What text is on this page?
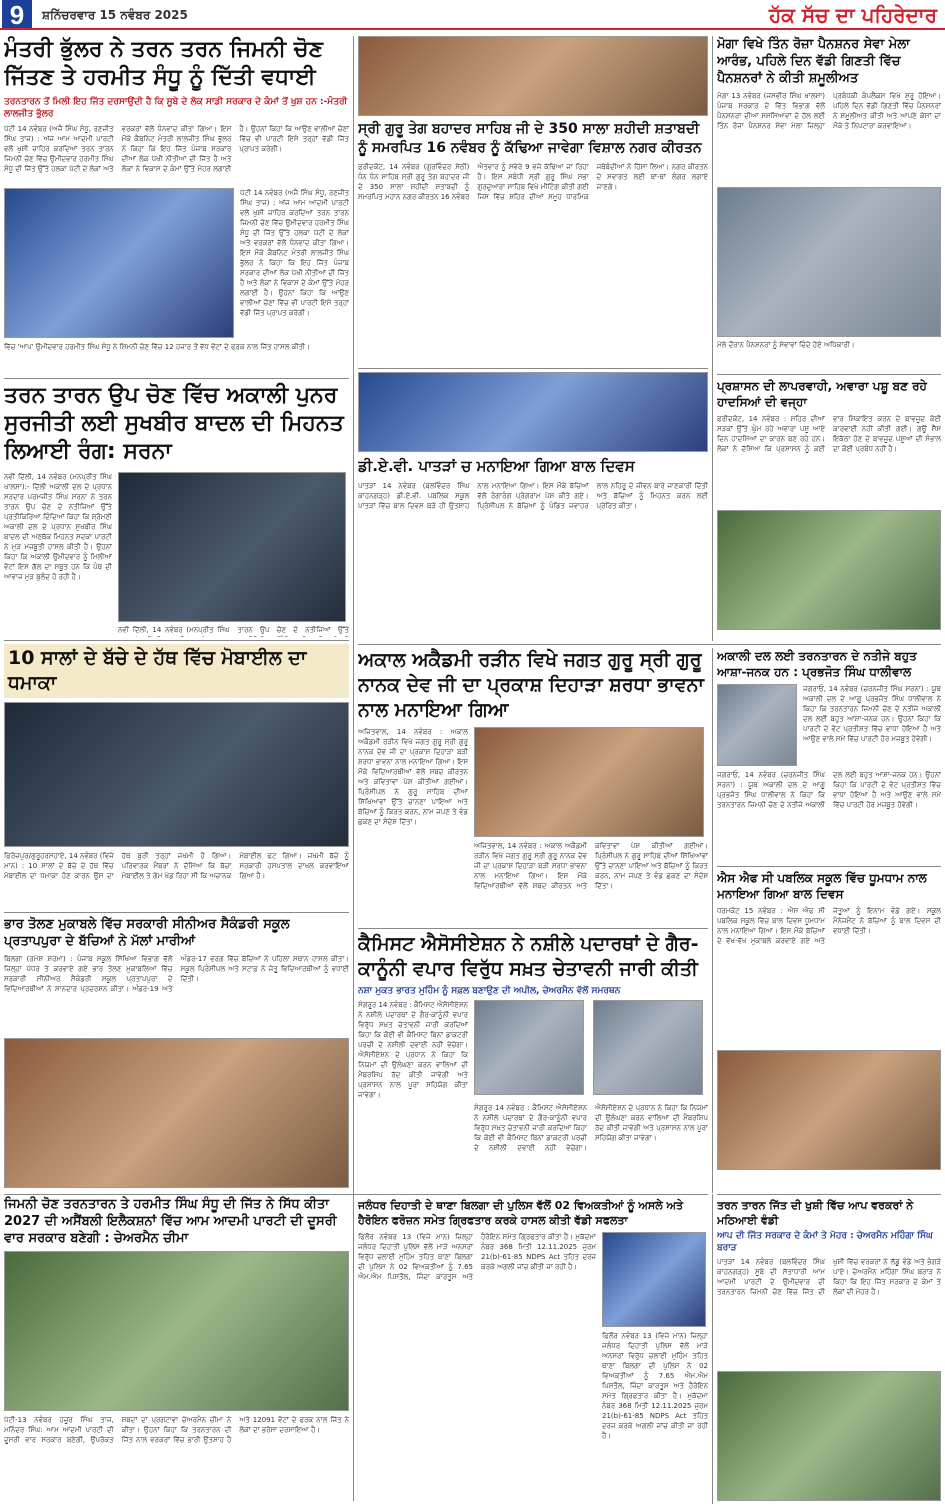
9	ਸ਼ਨਿੱਚਰਵਾਰ 15 ਨਵੰਬਰ 2025	ਹੱਕ ਸੱਚ ਦਾ ਪਹਿਰੇਦਾਰ
ਮੰਤਰੀ ਭੁੱਲਰ ਨੇ ਤਰਨ ਤਰਨ ਜਿਮਨੀ ਚੋਣ ਜਿੱਤਣ ਤੇ ਹਰਮੀਤ ਸੰਧੂ ਨੂੰ ਦਿੱਤੀ ਵਧਾਈ
ਤਰਨਤਾਰਨ ਤੋਂ ਮਿਲੀ ਇਹ ਜਿੱਤ ਦਰਸਾਉਂਦੀ ਹੈ ਕਿ ਸੂਬੇ ਦੇ ਲੋਕ ਸਾਡੀ ਸਰਕਾਰ ਦੇ ਕੰਮਾਂ ਤੋਂ ਖੁਸ਼ ਹਨ :-ਮੰਤਰੀ ਲਾਲਜੀਤ ਭੁੱਲਰ
ਪੱਟੀ 14 ਨਵੰਬਰ (ਅਜੈ ਸਿੰਘ ਸੰਧੂ, ਰਣਜੀਤ ਸਿੰਘ ਤਾਜ) : ਅੱਜ ਆਮ ਆਦਮੀ ਪਾਰਟੀ ਵਲੋਂ ਖੁਸ਼ੀ ਜ਼ਾਹਿਰ ਕਰਦਿਆਂ ਤਰਨ ਤਾਰਨ ਜਿਮਨੀ ਚੋਣ ਵਿੱਚ ਉਮੀਦਵਾਰ ਹਰਮੀਤ ਸਿੰਘ ਸੰਧੂ ਦੀ ਜਿੱਤ ਉੱਤੇ ਹਲਕਾ ਪੱਟੀ ਦੇ ਲੋਕਾਂ ਅਤੇ ਵਰਕਰਾਂ ਵੱਲੋਂ ਧੰਨਵਾਦ ਕੀਤਾ ਗਿਆ। ਇਸ ਮੌਕੇ ਕੈਬਨਿਟ ਮੰਤਰੀ ਲਾਲਜੀਤ ਸਿੰਘ ਭੁੱਲਰ ਨੇ ਕਿਹਾ ਕਿ ਇਹ ਜਿੱਤ ਪੰਜਾਬ ਸਰਕਾਰ ਦੀਆਂ ਲੋਕ ਪੱਖੀ ਨੀਤੀਆਂ ਦੀ ਜਿੱਤ ਹੈ ਅਤੇ ਲੋਕਾਂ ਨੇ ਵਿਕਾਸ ਦੇ ਕੰਮਾਂ ਉੱਤੇ ਮੋਹਰ ਲਗਾਈ ਹੈ। ਉਹਨਾਂ ਕਿਹਾ ਕਿ ਆਉਣ ਵਾਲੀਆਂ ਚੋਣਾਂ ਵਿੱਚ ਵੀ ਪਾਰਟੀ ਇਸੇ ਤਰ੍ਹਾਂ ਵੱਡੀ ਜਿੱਤ ਪ੍ਰਾਪਤ ਕਰੇਗੀ।
ਪੱਟੀ 14 ਨਵੰਬਰ (ਅਜੈ ਸਿੰਘ ਸੰਧੂ, ਰਣਜੀਤ ਸਿੰਘ ਤਾਜ) : ਅੱਜ ਆਮ ਆਦਮੀ ਪਾਰਟੀ ਵਲੋਂ ਖੁਸ਼ੀ ਜ਼ਾਹਿਰ ਕਰਦਿਆਂ ਤਰਨ ਤਾਰਨ ਜਿਮਨੀ ਚੋਣ ਵਿੱਚ ਉਮੀਦਵਾਰ ਹਰਮੀਤ ਸਿੰਘ ਸੰਧੂ ਦੀ ਜਿੱਤ ਉੱਤੇ ਹਲਕਾ ਪੱਟੀ ਦੇ ਲੋਕਾਂ ਅਤੇ ਵਰਕਰਾਂ ਵੱਲੋਂ ਧੰਨਵਾਦ ਕੀਤਾ ਗਿਆ। ਇਸ ਮੌਕੇ ਕੈਬਨਿਟ ਮੰਤਰੀ ਲਾਲਜੀਤ ਸਿੰਘ ਭੁੱਲਰ ਨੇ ਕਿਹਾ ਕਿ ਇਹ ਜਿੱਤ ਪੰਜਾਬ ਸਰਕਾਰ ਦੀਆਂ ਲੋਕ ਪੱਖੀ ਨੀਤੀਆਂ ਦੀ ਜਿੱਤ ਹੈ ਅਤੇ ਲੋਕਾਂ ਨੇ ਵਿਕਾਸ ਦੇ ਕੰਮਾਂ ਉੱਤੇ ਮੋਹਰ ਲਗਾਈ ਹੈ। ਉਹਨਾਂ ਕਿਹਾ ਕਿ ਆਉਣ ਵਾਲੀਆਂ ਚੋਣਾਂ ਵਿੱਚ ਵੀ ਪਾਰਟੀ ਇਸੇ ਤਰ੍ਹਾਂ ਵੱਡੀ ਜਿੱਤ ਪ੍ਰਾਪਤ ਕਰੇਗੀ।
ਵਿੱਚ 'ਆਪ' ਉਮੀਦਵਾਰ ਹਰਮੀਤ ਸਿੰਘ ਸੰਧੂ ਨੇ ਸ਼ਿਮਨੀ ਚੋਣ ਵਿੱਚ 12 ਹਜ਼ਾਰ ਤੋਂ ਵੱਧ ਵੋਟਾਂ ਦੇ ਫਰਕ ਨਾਲ ਜਿੱਤ ਹਾਸਲ ਕੀਤੀ।
ਤਰਨ ਤਾਰਨ ਉਪ ਚੋਣ ਵਿੱਚ ਅਕਾਲੀ ਪੁਨਰ ਸੁਰਜੀਤੀ ਲਈ ਸੁਖਬੀਰ ਬਾਦਲ ਦੀ ਮਿਹਨਤ ਲਿਆਈ ਰੰਗ: ਸਰਨਾ
ਨਵੀਂ ਦਿੱਲੀ, 14 ਨਵੰਬਰ (ਮਨਪ੍ਰੀਤ ਸਿੰਘ ਖਾਲਸਾ):- ਦਿੱਲੀ ਅਕਾਲੀ ਦਲ ਦੇ ਪ੍ਰਧਾਨ ਸਰਦਾਰ ਪਰਮਜੀਤ ਸਿੰਘ ਸਰਨਾ ਨੇ ਤਰਨ ਤਾਰਨ ਉਪ ਚੋਣ ਦੇ ਨਤੀਜਿਆਂ ਉੱਤੇ ਪ੍ਰਤੀਕਿਰਿਆ ਦਿੰਦਿਆਂ ਕਿਹਾ ਕਿ ਸ਼੍ਰੋਮਣੀ ਅਕਾਲੀ ਦਲ ਦੇ ਪ੍ਰਧਾਨ ਸੁਖਬੀਰ ਸਿੰਘ ਬਾਦਲ ਦੀ ਅਣਥੱਕ ਮਿਹਨਤ ਸਦਕਾ ਪਾਰਟੀ ਨੇ ਮੁੜ ਮਜ਼ਬੂਤੀ ਹਾਸਲ ਕੀਤੀ ਹੈ। ਉਹਨਾਂ ਕਿਹਾ ਕਿ ਅਕਾਲੀ ਉਮੀਦਵਾਰ ਨੂੰ ਮਿਲੀਆਂ ਵੋਟਾਂ ਇਸ ਗੱਲ ਦਾ ਸਬੂਤ ਹਨ ਕਿ ਪੰਥ ਦੀ ਆਵਾਜ਼ ਮੁੜ ਬੁਲੰਦ ਹੋ ਰਹੀ ਹੈ।
ਨਵੀਂ ਦਿੱਲੀ, 14 ਨਵੰਬਰ (ਮਨਪ੍ਰੀਤ ਸਿੰਘ ਤਾਰਨ ਉਪ ਚੋਣ ਦੇ ਨਤੀਜਿਆਂ ਉੱਤੇ
10 ਸਾਲਾਂ ਦੇ ਬੱਚੇ ਦੇ ਹੱਥ ਵਿੱਚ ਮੋਬਾਈਲ ਦਾ ਧਮਾਕਾ
ਫਿਰੋਜ਼ਪੁਰ/ਗੁਰੂਹਰਸਹਾਏ, 14 ਨਵੰਬਰ (ਵਿਜੇ ਮਾਨ) : 10 ਸਾਲਾਂ ਦੇ ਬੱਚੇ ਦੇ ਹੱਥ ਵਿੱਚ ਮੋਬਾਈਲ ਦਾ ਧਮਾਕਾ ਹੋਣ ਕਾਰਨ ਉਸ ਦਾ ਹੱਥ ਬੁਰੀ ਤਰ੍ਹਾਂ ਜ਼ਖਮੀ ਹੋ ਗਿਆ। ਪਰਿਵਾਰਕ ਮੈਂਬਰਾਂ ਨੇ ਦੱਸਿਆ ਕਿ ਬੱਚਾ ਮੋਬਾਈਲ ਤੇ ਗੇਮ ਖੇਡ ਰਿਹਾ ਸੀ ਕਿ ਅਚਾਨਕ ਮੋਬਾਈਲ ਫਟ ਗਿਆ। ਜ਼ਖਮੀ ਬੱਚੇ ਨੂੰ ਸਰਕਾਰੀ ਹਸਪਤਾਲ ਦਾਖਲ ਕਰਵਾਇਆ ਗਿਆ ਹੈ।
ਭਾਰ ਤੋਲਣ ਮੁਕਾਬਲੇ ਵਿੱਚ ਸਰਕਾਰੀ ਸੀਨੀਅਰ ਸੈਕੰਡਰੀ ਸਕੂਲ ਪ੍ਰਤਾਪਪੁਰਾ ਦੇ ਬੱਚਿਆਂ ਨੇ ਮੱਲਾਂ ਮਾਰੀਆਂ
ਬਿਲਗਾ (ਰਮੇਸ਼ ਸ਼ਰਮਾ) : ਪੰਜਾਬ ਸਕੂਲ ਸਿੱਖਿਆ ਵਿਭਾਗ ਵੱਲੋਂ ਜ਼ਿਲ੍ਹਾ ਪੱਧਰ ਤੇ ਕਰਵਾਏ ਗਏ ਭਾਰ ਤੋਲਣ ਮੁਕਾਬਲਿਆਂ ਵਿੱਚ ਸਰਕਾਰੀ ਸੀਨੀਅਰ ਸੈਕੰਡਰੀ ਸਕੂਲ ਪ੍ਰਤਾਪਪੁਰਾ ਦੇ ਵਿਦਿਆਰਥੀਆਂ ਨੇ ਸ਼ਾਨਦਾਰ ਪ੍ਰਦਰਸ਼ਨ ਕੀਤਾ। ਅੰਡਰ-19 ਅਤੇ ਅੰਡਰ-17 ਵਰਗ ਵਿੱਚ ਬੱਚਿਆਂ ਨੇ ਪਹਿਲਾ ਸਥਾਨ ਹਾਸਲ ਕੀਤਾ। ਸਕੂਲ ਪ੍ਰਿੰਸੀਪਲ ਅਤੇ ਸਟਾਫ਼ ਨੇ ਜੇਤੂ ਵਿਦਿਆਰਥੀਆਂ ਨੂੰ ਵਧਾਈ ਦਿੱਤੀ।
ਜਿਮਨੀ ਚੋਣ ਤਰਨਤਾਰਨ ਤੇ ਹਰਮੀਤ ਸਿੰਘ ਸੰਧੂ ਦੀ ਜਿੱਤ ਨੇ ਸਿੱਧ ਕੀਤਾ 2027 ਦੀ ਅਸੈਂਬਲੀ ਇਲੈਕਸ਼ਨਾਂ ਵਿੱਚ ਆਮ ਆਦਮੀ ਪਾਰਟੀ ਦੀ ਦੂਸਰੀ ਵਾਰ ਸਰਕਾਰ ਬਣੇਗੀ : ਚੇਅਰਮੈਨ ਚੀਮਾ
ਪੱਟੀ-13 ਨਵੰਬਰ ਹਜ਼ੂਰ ਸਿੰਘ ਤਾਜ, ਮਨਿੰਦਰ ਸਿੰਘ: ਆਮ ਆਦਮੀ ਪਾਰਟੀ ਦੀ ਦੂਸਰੀ ਵਾਰ ਸਰਕਾਰ ਬਣੇਗੀ, ਉਪਰੋਕਤ ਸ਼ਬਦਾਂ ਦਾ ਪ੍ਰਗਟਾਵਾ ਚੇਅਰਮੈਨ ਚੀਮਾ ਨੇ ਕੀਤਾ। ਉਹਨਾਂ ਕਿਹਾ ਕਿ ਤਰਨਤਾਰਨ ਦੀ ਜਿੱਤ ਨਾਲ ਵਰਕਰਾਂ ਵਿੱਚ ਭਾਰੀ ਉਤਸ਼ਾਹ ਹੈ ਅਤੇ 12091 ਵੋਟਾਂ ਦੇ ਫਰਕ ਨਾਲ ਜਿੱਤ ਨੇ ਲੋਕਾਂ ਦਾ ਭਰੋਸਾ ਦਰਸਾਇਆ ਹੈ।
ਸ੍ਰੀ ਗੁਰੂ ਤੇਗ ਬਹਾਦਰ ਸਾਹਿਬ ਜੀ ਦੇ 350 ਸਾਲਾ ਸ਼ਹੀਦੀ ਸ਼ਤਾਬਦੀ ਨੂੰ ਸਮਰਪਿਤ 16 ਨਵੰਬਰ ਨੂੰ ਕੱਢਿਆ ਜਾਵੇਗਾ ਵਿਸ਼ਾਲ ਨਗਰ ਕੀਰਤਨ
ਫ਼ਰੀਦਕੋਟ, 14 ਨਵੰਬਰ (ਗੁਰਵਿੰਦਰ ਸੇਠੀ) ਧੰਨ ਧੰਨ ਸਾਹਿਬ ਸ੍ਰੀ ਗੁਰੂ ਤੇਗ ਬਹਾਦਰ ਜੀ ਦੇ 350 ਸਾਲਾ ਸ਼ਹੀਦੀ ਸ਼ਤਾਬਦੀ ਨੂੰ ਸਮਰਪਿਤ ਮਹਾਨ ਨਗਰ ਕੀਰਤਨ 16 ਨਵੰਬਰ ਐਤਵਾਰ ਨੂੰ ਸਵੇਰੇ 9 ਵਜੇ ਕੱਢਿਆ ਜਾ ਰਿਹਾ ਹੈ। ਇਸ ਸਬੰਧੀ ਸ੍ਰੀ ਗੁਰੂ ਸਿੰਘ ਸਭਾ ਗੁਰਦੁਆਰਾ ਸਾਹਿਬ ਵਿਖੇ ਮੀਟਿੰਗ ਕੀਤੀ ਗਈ ਜਿਸ ਵਿੱਚ ਸ਼ਹਿਰ ਦੀਆਂ ਸਮੂਹ ਧਾਰਮਿਕ ਜਥੇਬੰਦੀਆਂ ਨੇ ਹਿੱਸਾ ਲਿਆ। ਨਗਰ ਕੀਰਤਨ ਦੇ ਸਵਾਗਤ ਲਈ ਥਾਂ-ਥਾਂ ਲੰਗਰ ਲਗਾਏ ਜਾਣਗੇ।
ਡੀ.ਏ.ਵੀ. ਪਾਤੜਾਂ ਚ ਮਨਾਇਆ ਗਿਆ ਬਾਲ ਦਿਵਸ
ਪਾਤੜਾਂ 14 ਨਵੰਬਰ (ਬਲਵਿੰਦਰ ਸਿੰਘ ਕਾਹਨਗੜ੍ਹ) ਡੀ.ਏ.ਵੀ. ਪਬਲਿਕ ਸਕੂਲ ਪਾਤੜਾਂ ਵਿੱਚ ਬਾਲ ਦਿਵਸ ਬੜੇ ਹੀ ਉਤਸ਼ਾਹ ਨਾਲ ਮਨਾਇਆ ਗਿਆ। ਇਸ ਮੌਕੇ ਬੱਚਿਆਂ ਵੱਲੋਂ ਰੰਗਾਰੰਗ ਪ੍ਰੋਗਰਾਮ ਪੇਸ਼ ਕੀਤੇ ਗਏ। ਪ੍ਰਿੰਸੀਪਲ ਨੇ ਬੱਚਿਆਂ ਨੂੰ ਪੰਡਿਤ ਜਵਾਹਰ ਲਾਲ ਨਹਿਰੂ ਦੇ ਜੀਵਨ ਬਾਰੇ ਜਾਣਕਾਰੀ ਦਿੱਤੀ ਅਤੇ ਬੱਚਿਆਂ ਨੂੰ ਮਿਹਨਤ ਕਰਨ ਲਈ ਪ੍ਰੇਰਿਤ ਕੀਤਾ।
ਮੋਗਾ ਵਿਖੇ ਤਿੰਨ ਰੋਜ਼ਾ ਪੈਨਸ਼ਨਰ ਸੇਵਾ ਮੇਲਾ ਆਰੰਭ, ਪਹਿਲੇ ਦਿਨ ਵੱਡੀ ਗਿਣਤੀ ਵਿੱਚ ਪੈਨਸ਼ਨਰਾਂ ਨੇ ਕੀਤੀ ਸ਼ਮੂਲੀਅਤ
ਮੋਗਾ 13 ਨਵੰਬਰ (ਜਸਵੀਰ ਸਿੰਘ ਖਾਲਸਾ) ਪੰਜਾਬ ਸਰਕਾਰ ਦੇ ਵਿੱਤ ਵਿਭਾਗ ਵੱਲੋਂ ਪੈਨਸ਼ਨਰਾਂ ਦੀਆਂ ਸਮੱਸਿਆਵਾਂ ਦੇ ਹੱਲ ਲਈ ਤਿੰਨ ਰੋਜ਼ਾ ਪੈਨਸ਼ਨਰ ਸੇਵਾ ਮੇਲਾ ਜ਼ਿਲ੍ਹਾ ਪ੍ਰਬੰਧਕੀ ਕੰਪਲੈਕਸ ਵਿਖੇ ਸ਼ੁਰੂ ਹੋਇਆ। ਪਹਿਲੇ ਦਿਨ ਵੱਡੀ ਗਿਣਤੀ ਵਿੱਚ ਪੈਨਸ਼ਨਰਾਂ ਨੇ ਸ਼ਮੂਲੀਅਤ ਕੀਤੀ ਅਤੇ ਆਪਣੇ ਕੇਸਾਂ ਦਾ ਮੌਕੇ ਤੇ ਨਿਪਟਾਰਾ ਕਰਵਾਇਆ।
ਮੇਲੇ ਦੌਰਾਨ ਪੈਨਸ਼ਨਰਾਂ ਨੂੰ ਸੇਵਾਵਾਂ ਦਿੰਦੇ ਹੋਏ ਅਧਿਕਾਰੀ।
ਪ੍ਰਸ਼ਾਸਨ ਦੀ ਲਾਪਰਵਾਹੀ, ਅਵਾਰਾ ਪਸ਼ੂ ਬਣ ਰਹੇ ਹਾਦਸਿਆਂ ਦੀ ਵਜ੍ਹਾ
ਫਰੀਦਕੋਟ, 14 ਨਵੰਬਰ : ਸ਼ਹਿਰ ਦੀਆਂ ਸੜਕਾਂ ਉੱਤੇ ਘੁੰਮ ਰਹੇ ਅਵਾਰਾ ਪਸ਼ੂ ਆਏ ਦਿਨ ਹਾਦਸਿਆਂ ਦਾ ਕਾਰਨ ਬਣ ਰਹੇ ਹਨ। ਲੋਕਾਂ ਨੇ ਦੱਸਿਆ ਕਿ ਪ੍ਰਸ਼ਾਸਨ ਨੂੰ ਕਈ ਵਾਰ ਸ਼ਿਕਾਇਤ ਕਰਨ ਦੇ ਬਾਵਜੂਦ ਕੋਈ ਕਾਰਵਾਈ ਨਹੀਂ ਕੀਤੀ ਗਈ। ਗਊ ਸੈੱਸ ਇਕੱਠਾ ਹੋਣ ਦੇ ਬਾਵਜੂਦ ਪਸ਼ੂਆਂ ਦੀ ਸੰਭਾਲ ਦਾ ਕੋਈ ਪ੍ਰਬੰਧ ਨਹੀਂ ਹੈ।
ਅਕਾਲ ਅਕੈਡਮੀ ਰੜੀਨ ਵਿਖੇ ਜਗਤ ਗੁਰੂ ਸ੍ਰੀ ਗੁਰੂ ਨਾਨਕ ਦੇਵ ਜੀ ਦਾ ਪ੍ਰਕਾਸ਼ ਦਿਹਾੜਾ ਸ਼ਰਧਾ ਭਾਵਨਾ ਨਾਲ ਮਨਾਇਆ ਗਿਆ
ਅਜਿਤਵਾਲ, 14 ਨਵੰਬਰ : ਅਕਾਲ ਅਕੈਡਮੀ ਰੜੀਨ ਵਿਖੇ ਜਗਤ ਗੁਰੂ ਸ੍ਰੀ ਗੁਰੂ ਨਾਨਕ ਦੇਵ ਜੀ ਦਾ ਪ੍ਰਕਾਸ਼ ਦਿਹਾੜਾ ਬੜੀ ਸ਼ਰਧਾ ਭਾਵਨਾ ਨਾਲ ਮਨਾਇਆ ਗਿਆ। ਇਸ ਮੌਕੇ ਵਿਦਿਆਰਥੀਆਂ ਵੱਲੋਂ ਸ਼ਬਦ ਕੀਰਤਨ ਅਤੇ ਕਵਿਤਾਵਾਂ ਪੇਸ਼ ਕੀਤੀਆਂ ਗਈਆਂ। ਪ੍ਰਿੰਸੀਪਲ ਨੇ ਗੁਰੂ ਸਾਹਿਬ ਦੀਆਂ ਸਿੱਖਿਆਵਾਂ ਉੱਤੇ ਚਾਨਣਾ ਪਾਇਆ ਅਤੇ ਬੱਚਿਆਂ ਨੂੰ ਕਿਰਤ ਕਰਨ, ਨਾਮ ਜਪਣ ਤੇ ਵੰਡ ਛਕਣ ਦਾ ਸੰਦੇਸ਼ ਦਿੱਤਾ।
ਅਜਿਤਵਾਲ, 14 ਨਵੰਬਰ : ਅਕਾਲ ਅਕੈਡਮੀ ਰੜੀਨ ਵਿਖੇ ਜਗਤ ਗੁਰੂ ਸ੍ਰੀ ਗੁਰੂ ਨਾਨਕ ਦੇਵ ਜੀ ਦਾ ਪ੍ਰਕਾਸ਼ ਦਿਹਾੜਾ ਬੜੀ ਸ਼ਰਧਾ ਭਾਵਨਾ ਨਾਲ ਮਨਾਇਆ ਗਿਆ। ਇਸ ਮੌਕੇ ਵਿਦਿਆਰਥੀਆਂ ਵੱਲੋਂ ਸ਼ਬਦ ਕੀਰਤਨ ਅਤੇ ਕਵਿਤਾਵਾਂ ਪੇਸ਼ ਕੀਤੀਆਂ ਗਈਆਂ। ਪ੍ਰਿੰਸੀਪਲ ਨੇ ਗੁਰੂ ਸਾਹਿਬ ਦੀਆਂ ਸਿੱਖਿਆਵਾਂ ਉੱਤੇ ਚਾਨਣਾ ਪਾਇਆ ਅਤੇ ਬੱਚਿਆਂ ਨੂੰ ਕਿਰਤ ਕਰਨ, ਨਾਮ ਜਪਣ ਤੇ ਵੰਡ ਛਕਣ ਦਾ ਸੰਦੇਸ਼ ਦਿੱਤਾ।
ਕੈਮਿਸਟ ਐਸੋਸੀਏਸ਼ਨ ਨੇ ਨਸ਼ੀਲੇ ਪਦਾਰਥਾਂ ਦੇ ਗੈਰ-ਕਾਨੂੰਨੀ ਵਪਾਰ ਵਿਰੁੱਧ ਸਖ਼ਤ ਚੇਤਾਵਨੀ ਜਾਰੀ ਕੀਤੀ
ਨਸ਼ਾ ਮੁਕਤ ਭਾਰਤ ਮੁਹਿੰਮ ਨੂੰ ਸਫ਼ਲ ਬਣਾਉਣ ਦੀ ਅਪੀਲ, ਚੇਅਰਮੈਨ ਵੱਲੋਂ ਸਮਰਥਨ
ਸੰਗਰੂਰ 14 ਨਵੰਬਰ : ਕੈਮਿਸਟ ਐਸੋਸੀਏਸ਼ਨ ਨੇ ਨਸ਼ੀਲੇ ਪਦਾਰਥਾਂ ਦੇ ਗੈਰ-ਕਾਨੂੰਨੀ ਵਪਾਰ ਵਿਰੁੱਧ ਸਖ਼ਤ ਚੇਤਾਵਨੀ ਜਾਰੀ ਕਰਦਿਆਂ ਕਿਹਾ ਕਿ ਕੋਈ ਵੀ ਕੈਮਿਸਟ ਬਿਨਾਂ ਡਾਕਟਰੀ ਪਰਚੀ ਦੇ ਨਸ਼ੀਲੀ ਦਵਾਈ ਨਹੀਂ ਵੇਚੇਗਾ। ਐਸੋਸੀਏਸ਼ਨ ਦੇ ਪ੍ਰਧਾਨ ਨੇ ਕਿਹਾ ਕਿ ਨਿਯਮਾਂ ਦੀ ਉਲੰਘਣਾ ਕਰਨ ਵਾਲਿਆਂ ਦੀ ਮੈਂਬਰਸ਼ਿਪ ਰੱਦ ਕੀਤੀ ਜਾਵੇਗੀ ਅਤੇ ਪ੍ਰਸ਼ਾਸਨ ਨਾਲ ਪੂਰਾ ਸਹਿਯੋਗ ਕੀਤਾ ਜਾਵੇਗਾ।

ਸੰਗਰੂਰ 14 ਨਵੰਬਰ : ਕੈਮਿਸਟ ਐਸੋਸੀਏਸ਼ਨ ਨੇ ਨਸ਼ੀਲੇ ਪਦਾਰਥਾਂ ਦੇ ਗੈਰ-ਕਾਨੂੰਨੀ ਵਪਾਰ ਵਿਰੁੱਧ ਸਖ਼ਤ ਚੇਤਾਵਨੀ ਜਾਰੀ ਕਰਦਿਆਂ ਕਿਹਾ ਕਿ ਕੋਈ ਵੀ ਕੈਮਿਸਟ ਬਿਨਾਂ ਡਾਕਟਰੀ ਪਰਚੀ ਦੇ ਨਸ਼ੀਲੀ ਦਵਾਈ ਨਹੀਂ ਵੇਚੇਗਾ। ਐਸੋਸੀਏਸ਼ਨ ਦੇ ਪ੍ਰਧਾਨ ਨੇ ਕਿਹਾ ਕਿ ਨਿਯਮਾਂ ਦੀ ਉਲੰਘਣਾ ਕਰਨ ਵਾਲਿਆਂ ਦੀ ਮੈਂਬਰਸ਼ਿਪ ਰੱਦ ਕੀਤੀ ਜਾਵੇਗੀ ਅਤੇ ਪ੍ਰਸ਼ਾਸਨ ਨਾਲ ਪੂਰਾ ਸਹਿਯੋਗ ਕੀਤਾ ਜਾਵੇਗਾ।
ਜਲੰਧਰ ਦਿਹਾਤੀ ਦੇ ਥਾਣਾ ਬਿਲਗਾ ਦੀ ਪੁਲਿਸ ਵੱਲੋਂ 02 ਵਿਅਕਤੀਆਂ ਨੂੰ ਅਸਲੇ ਅਤੇ ਹੈਰੋਇਨ ਫਰੋਜ਼ਨ ਸਮੇਤ ਗ੍ਰਿਫਤਾਰ ਕਰਕੇ ਹਾਸਲ ਕੀਤੀ ਵੱਡੀ ਸਫਲਤਾ
ਫਿਲੌਰ ਨਵੰਬਰ 13 (ਵਿਜੇ ਮਾਨ) ਜ਼ਿਲ੍ਹਾ ਜਲੰਧਰ ਦਿਹਾਤੀ ਪੁਲਿਸ ਵੱਲੋਂ ਮਾੜੇ ਅਨਸਰਾਂ ਵਿਰੁੱਧ ਚਲਾਈ ਮੁਹਿੰਮ ਤਹਿਤ ਥਾਣਾ ਬਿਲਗਾ ਦੀ ਪੁਲਿਸ ਨੇ 02 ਵਿਅਕਤੀਆਂ ਨੂੰ 7.65 ਐਮ.ਐਮ ਪਿਸਤੌਲ, ਜਿੰਦਾ ਕਾਰਤੂਸ ਅਤੇ ਹੈਰੋਇਨ ਸਮੇਤ ਗ੍ਰਿਫਤਾਰ ਕੀਤਾ ਹੈ। ਮੁਕੱਦਮਾ ਨੰਬਰ 368 ਮਿਤੀ 12.11.2025 ਜੁਰਮ 21(b)-61-85 NDPS Act ਤਹਿਤ ਦਰਜ ਕਰਕੇ ਅਗਲੀ ਜਾਂਚ ਕੀਤੀ ਜਾ ਰਹੀ ਹੈ।
ਫਿਲੌਰ ਨਵੰਬਰ 13 (ਵਿਜੇ ਮਾਨ) ਜ਼ਿਲ੍ਹਾ ਜਲੰਧਰ ਦਿਹਾਤੀ ਪੁਲਿਸ ਵੱਲੋਂ ਮਾੜੇ ਅਨਸਰਾਂ ਵਿਰੁੱਧ ਚਲਾਈ ਮੁਹਿੰਮ ਤਹਿਤ ਥਾਣਾ ਬਿਲਗਾ ਦੀ ਪੁਲਿਸ ਨੇ 02 ਵਿਅਕਤੀਆਂ ਨੂੰ 7.65 ਐਮ.ਐਮ ਪਿਸਤੌਲ, ਜਿੰਦਾ ਕਾਰਤੂਸ ਅਤੇ ਹੈਰੋਇਨ ਸਮੇਤ ਗ੍ਰਿਫਤਾਰ ਕੀਤਾ ਹੈ। ਮੁਕੱਦਮਾ ਨੰਬਰ 368 ਮਿਤੀ 12.11.2025 ਜੁਰਮ 21(b)-61-85 NDPS Act ਤਹਿਤ ਦਰਜ ਕਰਕੇ ਅਗਲੀ ਜਾਂਚ ਕੀਤੀ ਜਾ ਰਹੀ ਹੈ।
ਅਕਾਲੀ ਦਲ ਲਈ ਤਰਨਤਾਰਨ ਦੇ ਨਤੀਜੇ ਬਹੁਤ ਆਸ਼ਾ-ਜਨਕ ਹਨ : ਪ੍ਰਭਜੋਤ ਸਿੰਘ ਧਾਲੀਵਾਲ
ਜਗਰਾਓਂ, 14 ਨਵੰਬਰ (ਚਰਨਜੀਤ ਸਿੰਘ ਸਰਨਾ) : ਯੂਥ ਅਕਾਲੀ ਦਲ ਦੇ ਆਗੂ ਪ੍ਰਭਜੋਤ ਸਿੰਘ ਧਾਲੀਵਾਲ ਨੇ ਕਿਹਾ ਕਿ ਤਰਨਤਾਰਨ ਜ਼ਿਮਨੀ ਚੋਣ ਦੇ ਨਤੀਜੇ ਅਕਾਲੀ ਦਲ ਲਈ ਬਹੁਤ ਆਸ਼ਾ-ਜਨਕ ਹਨ। ਉਹਨਾਂ ਕਿਹਾ ਕਿ ਪਾਰਟੀ ਦੇ ਵੋਟ ਪ੍ਰਤੀਸ਼ਤ ਵਿੱਚ ਵਾਧਾ ਹੋਇਆ ਹੈ ਅਤੇ ਆਉਣ ਵਾਲੇ ਸਮੇਂ ਵਿੱਚ ਪਾਰਟੀ ਹੋਰ ਮਜ਼ਬੂਤ ਹੋਵੇਗੀ।
ਜਗਰਾਓਂ, 14 ਨਵੰਬਰ (ਚਰਨਜੀਤ ਸਿੰਘ ਸਰਨਾ) : ਯੂਥ ਅਕਾਲੀ ਦਲ ਦੇ ਆਗੂ ਪ੍ਰਭਜੋਤ ਸਿੰਘ ਧਾਲੀਵਾਲ ਨੇ ਕਿਹਾ ਕਿ ਤਰਨਤਾਰਨ ਜ਼ਿਮਨੀ ਚੋਣ ਦੇ ਨਤੀਜੇ ਅਕਾਲੀ ਦਲ ਲਈ ਬਹੁਤ ਆਸ਼ਾ-ਜਨਕ ਹਨ। ਉਹਨਾਂ ਕਿਹਾ ਕਿ ਪਾਰਟੀ ਦੇ ਵੋਟ ਪ੍ਰਤੀਸ਼ਤ ਵਿੱਚ ਵਾਧਾ ਹੋਇਆ ਹੈ ਅਤੇ ਆਉਣ ਵਾਲੇ ਸਮੇਂ ਵਿੱਚ ਪਾਰਟੀ ਹੋਰ ਮਜ਼ਬੂਤ ਹੋਵੇਗੀ।
ਐਸ ਐਫ ਸੀ ਪਬਲਿਕ ਸਕੂਲ ਵਿੱਚ ਧੂਮਧਾਮ ਨਾਲ ਮਨਾਇਆ ਗਿਆ ਬਾਲ ਦਿਵਸ
ਧਰਮਕੋਟ 15 ਨਵੰਬਰ : ਐਸ ਐਫ ਸੀ ਪਬਲਿਕ ਸਕੂਲ ਵਿੱਚ ਬਾਲ ਦਿਵਸ ਧੂਮਧਾਮ ਨਾਲ ਮਨਾਇਆ ਗਿਆ। ਇਸ ਮੌਕੇ ਬੱਚਿਆਂ ਦੇ ਵੱਖ-ਵੱਖ ਮੁਕਾਬਲੇ ਕਰਵਾਏ ਗਏ ਅਤੇ ਜੇਤੂਆਂ ਨੂੰ ਇਨਾਮ ਵੰਡੇ ਗਏ। ਸਕੂਲ ਮੈਨੇਜਮੈਂਟ ਨੇ ਬੱਚਿਆਂ ਨੂੰ ਬਾਲ ਦਿਵਸ ਦੀ ਵਧਾਈ ਦਿੱਤੀ।
ਤਰਨ ਤਾਰਨ ਜਿੱਤ ਦੀ ਖੁਸ਼ੀ ਵਿੱਚ ਆਪ ਵਰਕਰਾਂ ਨੇ ਮਠਿਆਈ ਵੰਡੀ
ਆਪ ਦੀ ਜਿੱਤ ਸਰਕਾਰ ਦੇ ਕੰਮਾਂ ਤੇ ਮੋਹਰ : ਚੇਅਰਮੈਨ ਮਹਿੰਗਾ ਸਿੰਘ ਬਰਾੜ
ਪਾਤੜਾਂ 14 ਨਵੰਬਰ (ਬਲਵਿੰਦਰ ਸਿੰਘ ਕਾਹਨਗੜ੍ਹ) ਸੂਬੇ ਦੀ ਸੱਤਾਧਾਰੀ ਆਮ ਆਦਮੀ ਪਾਰਟੀ ਦੇ ਉਮੀਦਵਾਰ ਦੀ ਤਰਨਤਾਰਨ ਜ਼ਿਮਨੀ ਚੋਣ ਵਿੱਚ ਜਿੱਤ ਦੀ ਖੁਸ਼ੀ ਵਿੱਚ ਵਰਕਰਾਂ ਨੇ ਲੱਡੂ ਵੰਡੇ ਅਤੇ ਭੰਗੜੇ ਪਾਏ। ਚੇਅਰਮੈਨ ਮਹਿੰਗਾ ਸਿੰਘ ਬਰਾੜ ਨੇ ਕਿਹਾ ਕਿ ਇਹ ਜਿੱਤ ਸਰਕਾਰ ਦੇ ਕੰਮਾਂ ਤੇ ਲੋਕਾਂ ਦੀ ਮੋਹਰ ਹੈ।
